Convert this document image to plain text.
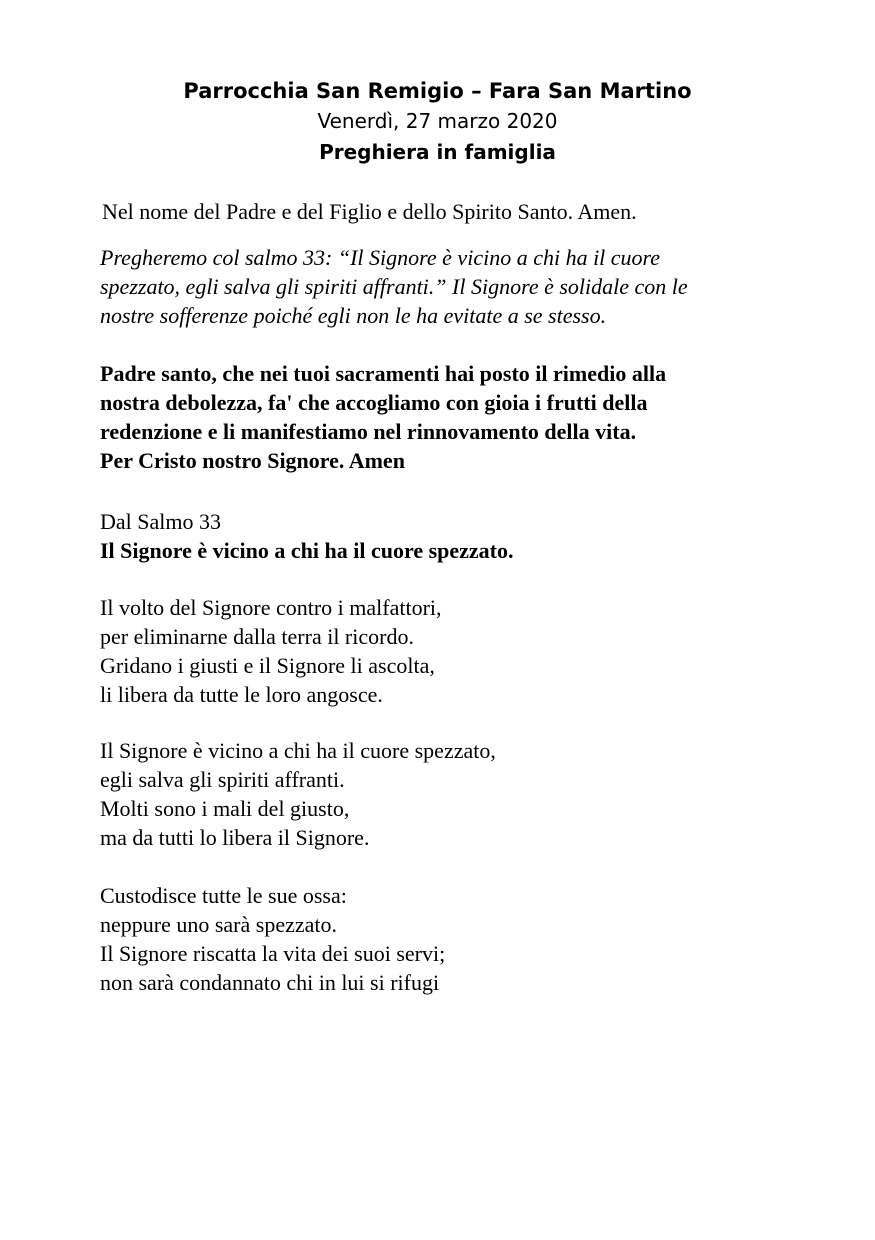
Parrocchia San Remigio – Fara San Martino
Venerdì, 27 marzo 2020
Preghiera in famiglia
Nel nome del Padre e del Figlio e dello Spirito Santo. Amen.
Pregheremo col salmo 33: “Il Signore è vicino a chi ha il cuore
spezzato, egli salva gli spiriti affranti.” Il Signore è solidale con le
nostre sofferenze poiché egli non le ha evitate a se stesso.
Padre santo, che nei tuoi sacramenti hai posto il rimedio alla
nostra debolezza, fa' che accogliamo con gioia i frutti della
redenzione e li manifestiamo nel rinnovamento della vita.
Per Cristo nostro Signore. Amen
Dal Salmo 33
Il Signore è vicino a chi ha il cuore spezzato.
Il volto del Signore contro i malfattori,
per eliminarne dalla terra il ricordo.
Gridano i giusti e il Signore li ascolta,
li libera da tutte le loro angosce.
Il Signore è vicino a chi ha il cuore spezzato,
egli salva gli spiriti affranti.
Molti sono i mali del giusto,
ma da tutti lo libera il Signore.
Custodisce tutte le sue ossa:
neppure uno sarà spezzato.
Il Signore riscatta la vita dei suoi servi;
non sarà condannato chi in lui si rifugi
